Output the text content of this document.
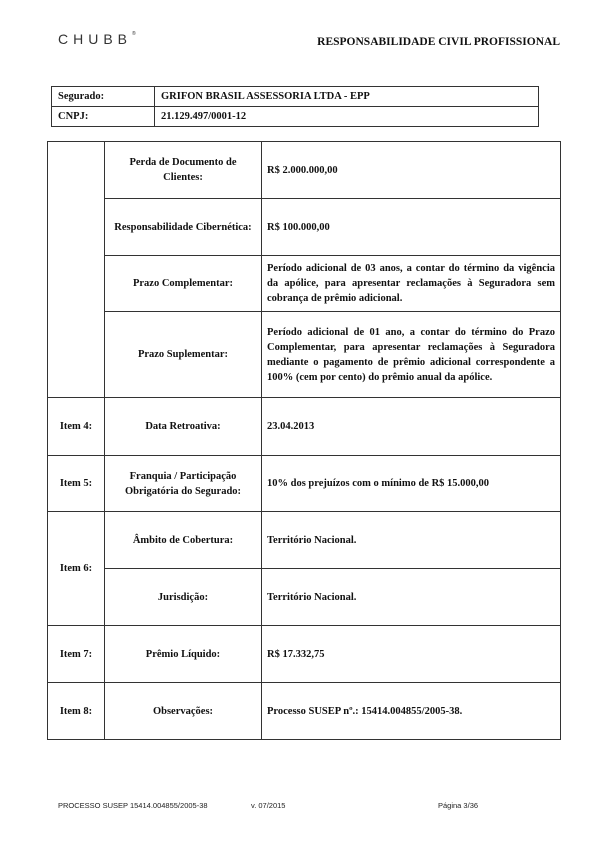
CHUBB®
RESPONSABILIDADE CIVIL PROFISSIONAL
Segurado:	GRIFON BRASIL ASSESSORIA LTDA - EPP
CNPJ:	21.129.497/0001-12
	Perda de Documento de Clientes:	R$ 2.000.000,00
	Responsabilidade Cibernética:	R$ 100.000,00
	Prazo Complementar:	Período adicional de 03 anos, a contar do término da vigência da apólice, para apresentar reclamações à Seguradora sem cobrança de prêmio adicional.
	Prazo Suplementar:	Período adicional de 01 ano, a contar do término do Prazo Complementar, para apresentar reclamações à Seguradora mediante o pagamento de prêmio adicional correspondente a 100% (cem por cento) do prêmio anual da apólice.
Item 4:	Data Retroativa:	23.04.2013
Item 5:	Franquia / Participação Obrigatória do Segurado:	10% dos prejuízos com o mínimo de R$ 15.000,00
Item 6:	Âmbito de Cobertura:	Território Nacional.
	Jurisdição:	Território Nacional.
Item 7:	Prêmio Líquido:	R$ 17.332,75
Item 8:	Observações:	Processo SUSEP nº.: 15414.004855/2005-38.
PROCESSO SUSEP 15414.004855/2005-38	v. 07/2015	Página 3/36
